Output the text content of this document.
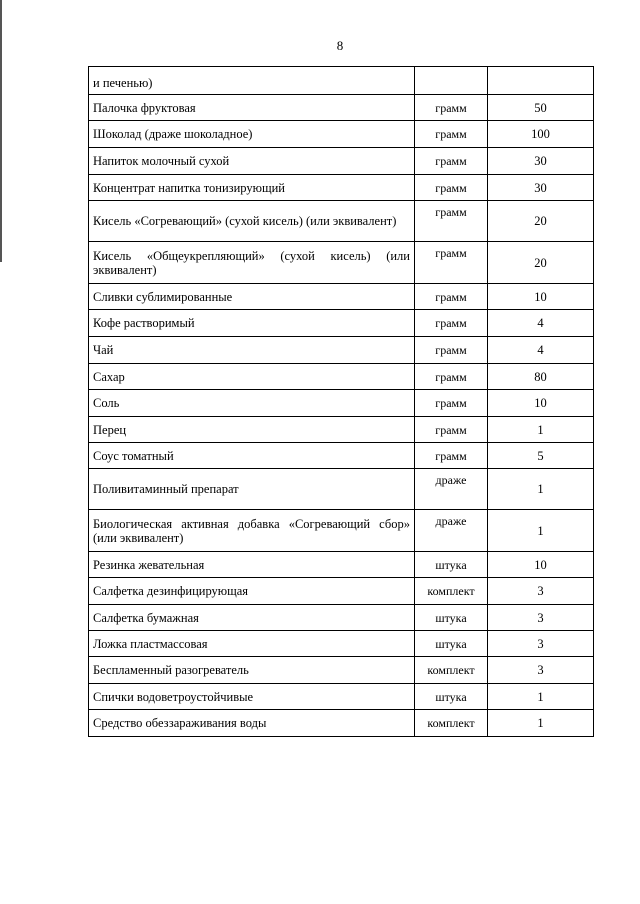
8
и печенью)		
Палочка фруктовая	грамм	50
Шоколад (драже шоколадное)	грамм	100
Напиток молочный сухой	грамм	30
Концентрат напитка тонизирующий	грамм	30
Кисель «Согревающий» (сухой кисель) (или эквивалент)	грамм	20
Кисель «Общеукрепляющий» (сухой кисель) (или эквивалент)	грамм	20
Сливки сублимированные	грамм	10
Кофе растворимый	грамм	4
Чай	грамм	4
Сахар	грамм	80
Соль	грамм	10
Перец	грамм	1
Соус томатный	грамм	5
Поливитаминный препарат	драже	1
Биологическая активная добавка «Согревающий сбор» (или эквивалент)	драже	1
Резинка жевательная	штука	10
Салфетка дезинфицирующая	комплект	3
Салфетка бумажная	штука	3
Ложка пластмассовая	штука	3
Беспламенный разогреватель	комплект	3
Спички водоветроустойчивые	штука	1
Средство обеззараживания воды	комплект	1
